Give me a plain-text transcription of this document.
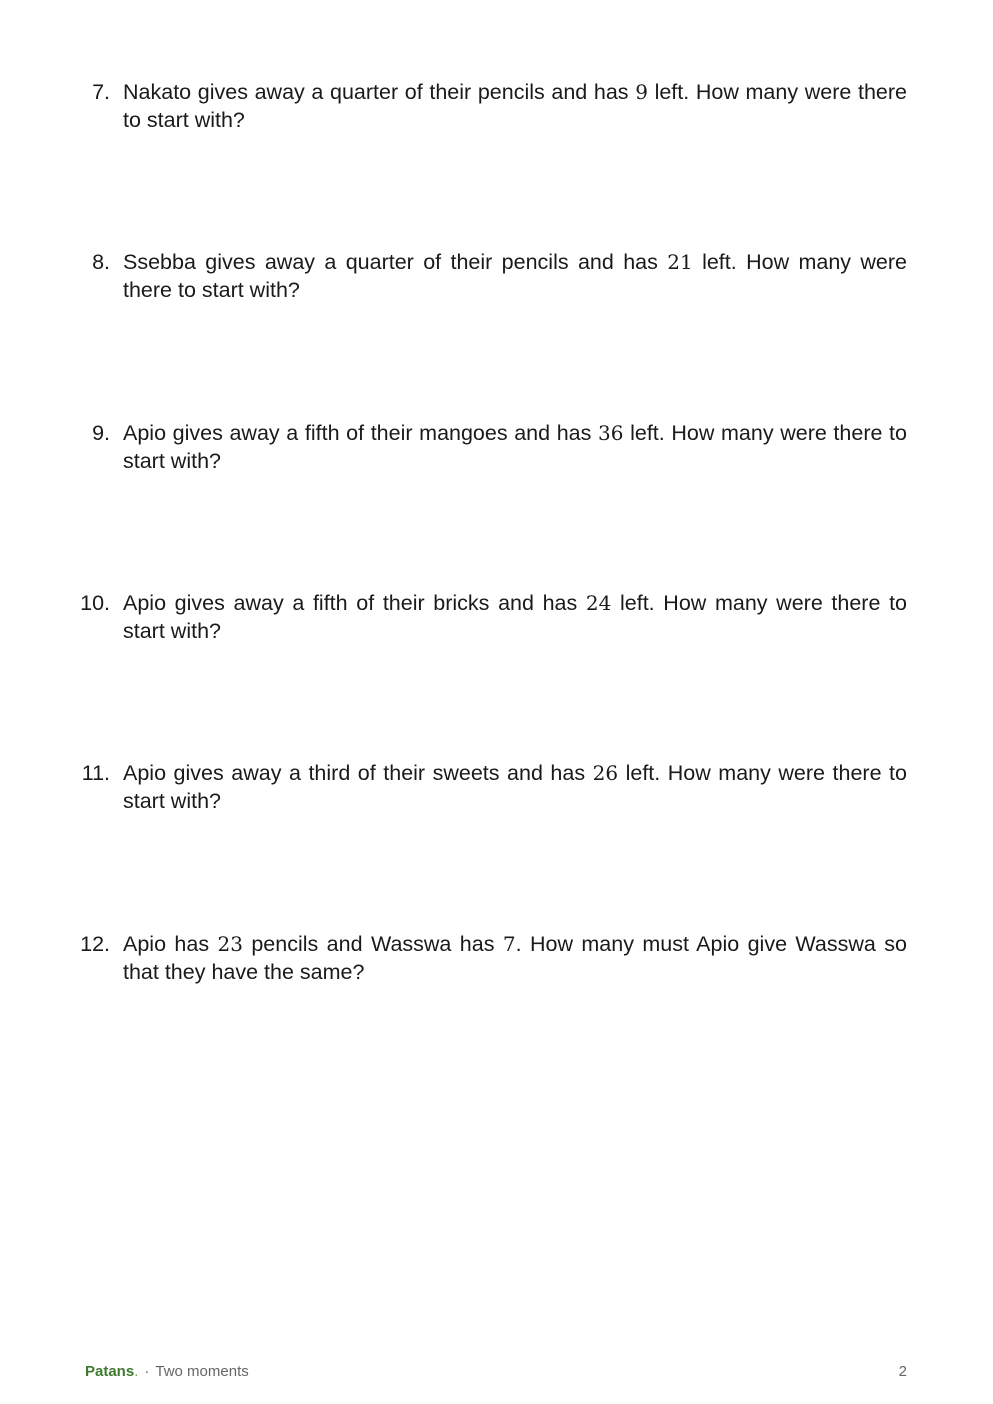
7. Nakato gives away a quarter of their pencils and has 9 left. How many were there to start with?
8. Ssebba gives away a quarter of their pencils and has 21 left. How many were there to start with?
9. Apio gives away a fifth of their mangoes and has 36 left. How many were there to start with?
10. Apio gives away a fifth of their bricks and has 24 left. How many were there to start with?
11. Apio gives away a third of their sweets and has 26 left. How many were there to start with?
12. Apio has 23 pencils and Wasswa has 7. How many must Apio give Wasswa so that they have the same?
Patans. · Two moments	2
